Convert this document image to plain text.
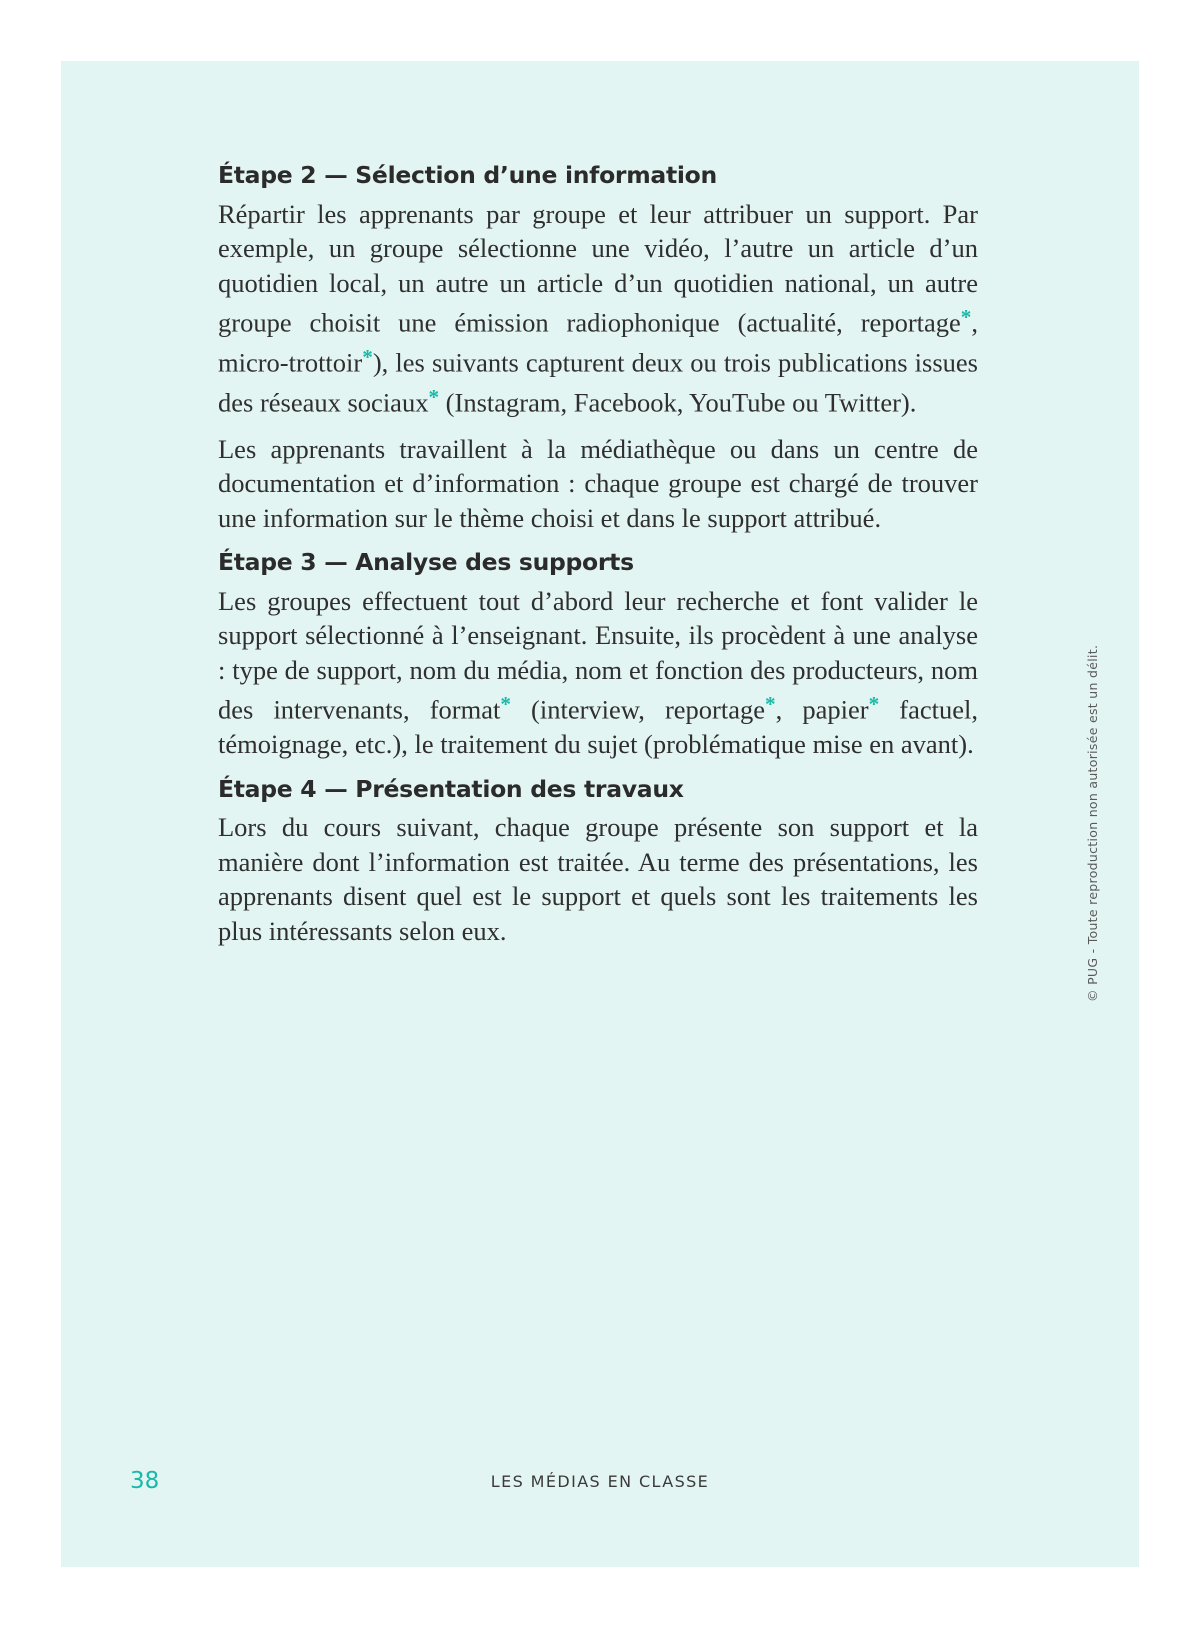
Étape 2 — Sélection d’une information

Répartir les apprenants par groupe et leur attribuer un support. Par exemple, un groupe sélectionne une vidéo, l’autre un article d’un quotidien local, un autre un article d’un quotidien national, un autre groupe choisit une émission radiophonique (actualité, reportage*, micro-trottoir*), les suivants capturent deux ou trois publications issues des réseaux sociaux* (Instagram, Facebook, YouTube ou Twitter).

Les apprenants travaillent à la médiathèque ou dans un centre de documentation et d’information : chaque groupe est chargé de trouver une information sur le thème choisi et dans le support attribué.

Étape 3 — Analyse des supports

Les groupes effectuent tout d’abord leur recherche et font valider le support sélectionné à l’enseignant. Ensuite, ils procèdent à une analyse : type de support, nom du média, nom et fonction des producteurs, nom des intervenants, format* (interview, reportage*, papier* factuel, témoignage, etc.), le traitement du sujet (problématique mise en avant).

Étape 4 — Présentation des travaux

Lors du cours suivant, chaque groupe présente son support et la manière dont l’information est traitée. Au terme des présentations, les apprenants disent quel est le support et quels sont les traitements les plus intéressants selon eux.	© PUG - Toute reproduction non autorisée est un délit.
38	LES MÉDIAS EN CLASSE
